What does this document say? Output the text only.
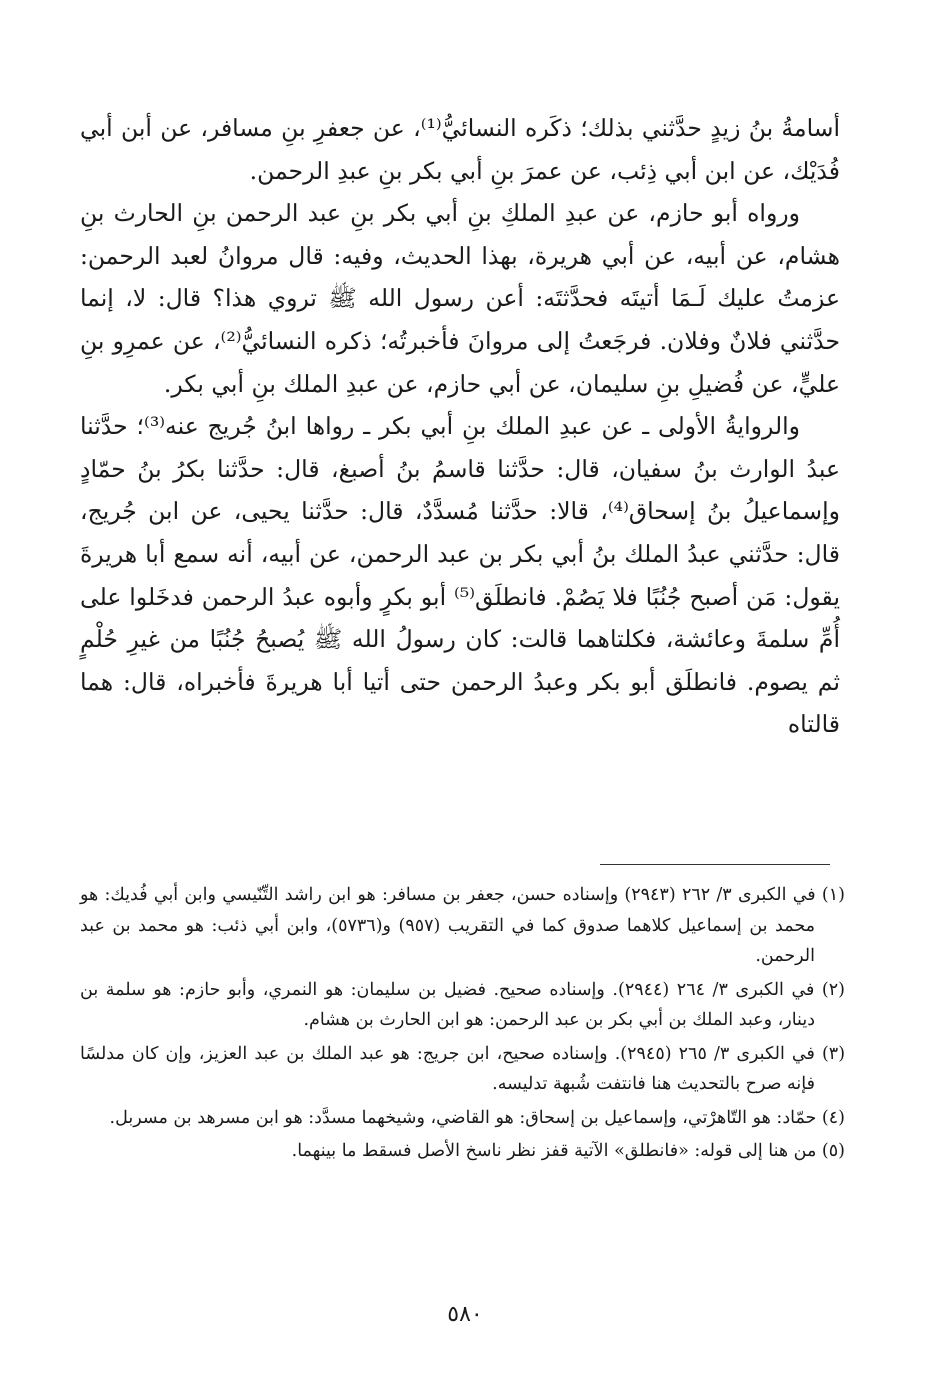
أسامةُ بنُ زيدٍ حدَّثني بذلك؛ ذكَره النسائيُّ⁽¹⁾، عن جعفرِ بنِ مسافر، عن أبن أبي فُدَيْك، عن ابن أبي ذِئب، عن عمرَ بنِ أبي بكر بنِ عبدِ الرحمن.

ورواه أبو حازم، عن عبدِ الملكِ بنِ أبي بكر بنِ عبد الرحمن بنِ الحارث بنِ هشام، عن أبيه، عن أبي هريرة، بهذا الحديث، وفيه: قال مروانُ لعبد الرحمن: عزمتُ عليك لَـمَا أتيتَه فحدَّثتَه: أعن رسول الله ﷺ تروي هذا؟ قال: لا، إنما حدَّثني فلانٌ وفلان. فرجَعتُ إلى مروانَ فأخبرتُه؛ ذكره النسائيُّ⁽²⁾، عن عمرِو بنِ عليٍّ، عن فُضيلِ بنِ سليمان، عن أبي حازم، عن عبدِ الملك بنِ أبي بكر.

والروايةُ الأولى ـ عن عبدِ الملك بنِ أبي بكر ـ رواها ابنُ جُريج عنه⁽³⁾؛ حدَّثنا عبدُ الوارث بنُ سفيان، قال: حدَّثنا قاسمُ بنُ أصبغ، قال: حدَّثنا بكرُ بنُ حمّادٍ وإسماعيلُ بنُ إسحاق⁽⁴⁾، قالا: حدَّثنا مُسدَّدٌ، قال: حدَّثنا يحيى، عن ابن جُريج، قال: حدَّثني عبدُ الملك بنُ أبي بكر بن عبد الرحمن، عن أبيه، أنه سمع أبا هريرةَ يقول: مَن أصبح جُنُبًا فلا يَصُمْ. فانطلَق⁽⁵⁾ أبو بكرٍ وأبوه عبدُ الرحمن فدخَلوا على أُمِّ سلمةَ وعائشة، فكلتاهما قالت: كان رسولُ الله ﷺ يُصبحُ جُنُبًا من غيرِ حُلْمٍ ثم يصوم. فانطلَق أبو بكر وعبدُ الرحمن حتى أتيا أبا هريرةَ فأخبراه، قال: هما قالتاه

(١) في الكبرى ٣/ ٢٦٢ (٢٩٤٣) وإسناده حسن، جعفر بن مسافر: هو ابن راشد التِّنّيسي وابن أبي فُديك: هو محمد بن إسماعيل كلاهما صدوق كما في التقريب (٩٥٧) و(٥٧٣٦)، وابن أبي ذئب: هو محمد بن عبد الرحمن.

(٢) في الكبرى ٣/ ٢٦٤ (٢٩٤٤). وإسناده صحيح. فضيل بن سليمان: هو النمري، وأبو حازم: هو سلمة بن دينار، وعبد الملك بن أبي بكر بن عبد الرحمن: هو ابن الحارث بن هشام.

(٣) في الكبرى ٣/ ٢٦٥ (٢٩٤٥). وإسناده صحيح، ابن جريج: هو عبد الملك بن عبد العزيز، وإن كان مدلسًا فإنه صرح بالتحديث هنا فانتفت شُبهة تدليسه.

(٤) حمّاد: هو التّاهرْتي، وإسماعيل بن إسحاق: هو القاضي، وشيخهما مسدَّد: هو ابن مسرهد بن مسربل.

(٥) من هنا إلى قوله: «فانطلق» الآتية قفز نظر ناسخ الأصل فسقط ما بينهما.

٥٨٠
